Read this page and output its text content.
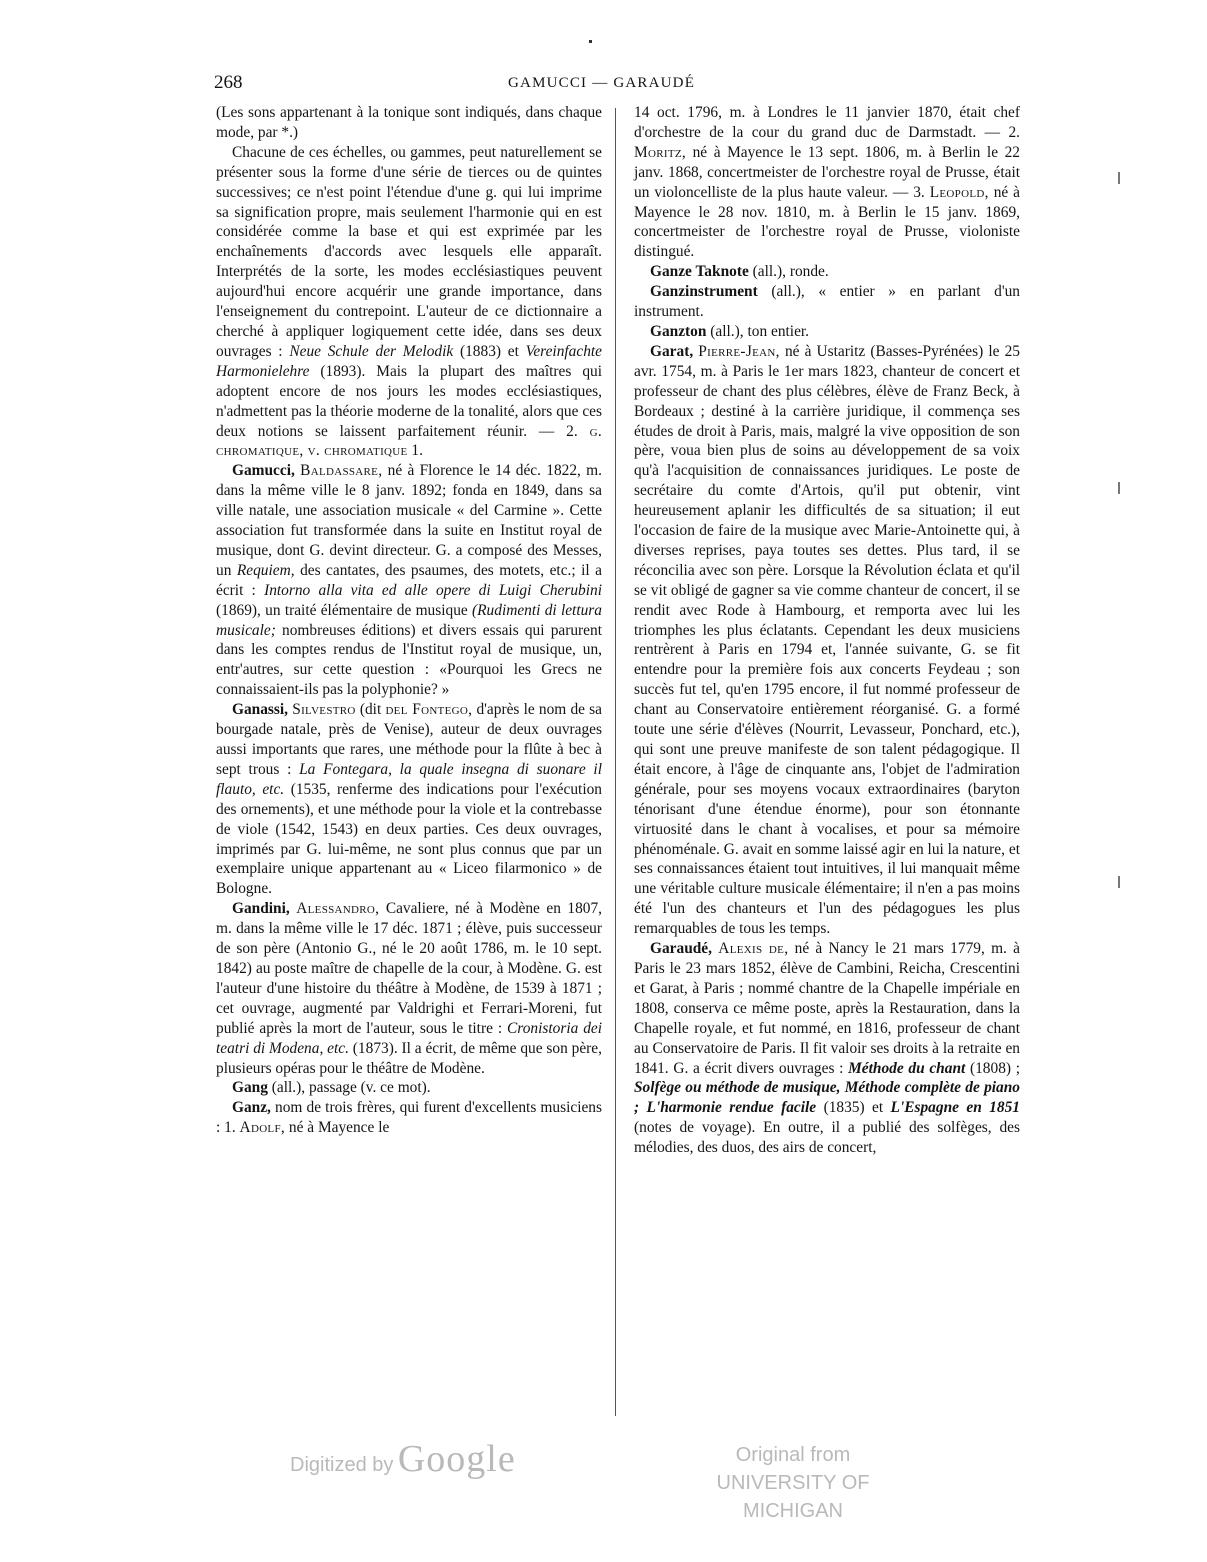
268	GAMUCCI — GARAUDÉ

(Les sons appartenant à la tonique sont indiqués, dans chaque mode, par *.)

Chacune de ces échelles, ou gammes, peut naturellement se présenter sous la forme d'une série de tierces ou de quintes successives; ce n'est point l'étendue d'une g. qui lui imprime sa signification propre, mais seulement l'harmonie qui en est considérée comme la base et qui est exprimée par les enchaînements d'accords avec lesquels elle apparaît. Interprétés de la sorte, les modes ecclésiastiques peuvent aujourd'hui encore acquérir une grande importance, dans l'enseignement du contrepoint. L'auteur de ce dictionnaire a cherché à appliquer logiquement cette idée, dans ses deux ouvrages : Neue Schule der Melodik (1883) et Vereinfachte Harmonielehre (1893). Mais la plupart des maîtres qui adoptent encore de nos jours les modes ecclésiastiques, n'admettent pas la théorie moderne de la tonalité, alors que ces deux notions se laissent parfaitement réunir. — 2. g. chromatique, v. chromatique 1.

Gamucci, Baldassare, né à Florence le 14 déc. 1822, m. dans la même ville le 8 janv. 1892; fonda en 1849, dans sa ville natale, une association musicale « del Carmine ». Cette association fut transformée dans la suite en Institut royal de musique, dont G. devint directeur. G. a composé des Messes, un Requiem, des cantates, des psaumes, des motets, etc.; il a écrit : Intorno alla vita ed alle opere di Luigi Cherubini (1869), un traité élémentaire de musique (Rudimenti di lettura musicale; nombreuses éditions) et divers essais qui parurent dans les comptes rendus de l'Institut royal de musique, un, entr'autres, sur cette question : «Pourquoi les Grecs ne connaissaient-ils pas la polyphonie? »

Ganassi, Silvestro (dit del Fontego, d'après le nom de sa bourgade natale, près de Venise), auteur de deux ouvrages aussi importants que rares, une méthode pour la flûte à bec à sept trous : La Fontegara, la quale insegna di suonare il flauto, etc. (1535, renferme des indications pour l'exécution des ornements), et une méthode pour la viole et la contrebasse de viole (1542, 1543) en deux parties. Ces deux ouvrages, imprimés par G. lui-même, ne sont plus connus que par un exemplaire unique appartenant au « Liceo filarmonico » de Bologne.

Gandini, Alessandro, Cavaliere, né à Modène en 1807, m. dans la même ville le 17 déc. 1871 ; élève, puis successeur de son père (Antonio G., né le 20 août 1786, m. le 10 sept. 1842) au poste maître de chapelle de la cour, à Modène. G. est l'auteur d'une histoire du théâtre à Modène, de 1539 à 1871 ; cet ouvrage, augmenté par Valdrighi et Ferrari-Moreni, fut publié après la mort de l'auteur, sous le titre : Cronistoria dei teatri di Modena, etc. (1873). Il a écrit, de même que son père, plusieurs opéras pour le théâtre de Modène.

Gang (all.), passage (v. ce mot).

Ganz, nom de trois frères, qui furent d'excellents musiciens : 1. Adolf, né à Mayence le

14 oct. 1796, m. à Londres le 11 janvier 1870, était chef d'orchestre de la cour du grand duc de Darmstadt. — 2. Moritz, né à Mayence le 13 sept. 1806, m. à Berlin le 22 janv. 1868, concertmeister de l'orchestre royal de Prusse, était un violoncelliste de la plus haute valeur. — 3. Leopold, né à Mayence le 28 nov. 1810, m. à Berlin le 15 janv. 1869, concertmeister de l'orchestre royal de Prusse, violoniste distingué.

Ganze Taknote (all.), ronde.

Ganzinstrument (all.), « entier » en parlant d'un instrument.

Ganzton (all.), ton entier.

Garat, Pierre-Jean, né à Ustaritz (Basses-Pyrénées) le 25 avr. 1754, m. à Paris le 1er mars 1823, chanteur de concert et professeur de chant des plus célèbres, élève de Franz Beck, à Bordeaux ; destiné à la carrière juridique, il commença ses études de droit à Paris, mais, malgré la vive opposition de son père, voua bien plus de soins au développement de sa voix qu'à l'acquisition de connaissances juridiques. Le poste de secrétaire du comte d'Artois, qu'il put obtenir, vint heureusement aplanir les difficultés de sa situation; il eut l'occasion de faire de la musique avec Marie-Antoinette qui, à diverses reprises, paya toutes ses dettes. Plus tard, il se réconcilia avec son père. Lorsque la Révolution éclata et qu'il se vit obligé de gagner sa vie comme chanteur de concert, il se rendit avec Rode à Hambourg, et remporta avec lui les triomphes les plus éclatants. Cependant les deux musiciens rentrèrent à Paris en 1794 et, l'année suivante, G. se fit entendre pour la première fois aux concerts Feydeau ; son succès fut tel, qu'en 1795 encore, il fut nommé professeur de chant au Conservatoire entièrement réorganisé. G. a formé toute une série d'élèves (Nourrit, Levasseur, Ponchard, etc.), qui sont une preuve manifeste de son talent pédagogique. Il était encore, à l'âge de cinquante ans, l'objet de l'admiration générale, pour ses moyens vocaux extraordinaires (baryton ténorisant d'une étendue énorme), pour son étonnante virtuosité dans le chant à vocalises, et pour sa mémoire phénoménale. G. avait en somme laissé agir en lui la nature, et ses connaissances étaient tout intuitives, il lui manquait même une véritable culture musicale élémentaire; il n'en a pas moins été l'un des chanteurs et l'un des pédagogues les plus remarquables de tous les temps.

Garaudé, Alexis de, né à Nancy le 21 mars 1779, m. à Paris le 23 mars 1852, élève de Cambini, Reicha, Crescentini et Garat, à Paris ; nommé chantre de la Chapelle impériale en 1808, conserva ce même poste, après la Restauration, dans la Chapelle royale, et fut nommé, en 1816, professeur de chant au Conservatoire de Paris. Il fit valoir ses droits à la retraite en 1841. G. a écrit divers ouvrages : Méthode du chant (1808) ; Solfège ou méthode de musique, Méthode complète de piano ; L'harmonie rendue facile (1835) et L'Espagne en 1851 (notes de voyage). En outre, il a publié des solfèges, des mélodies, des duos, des airs de concert,

Digitized by Google	Original from
UNIVERSITY OF MICHIGAN
